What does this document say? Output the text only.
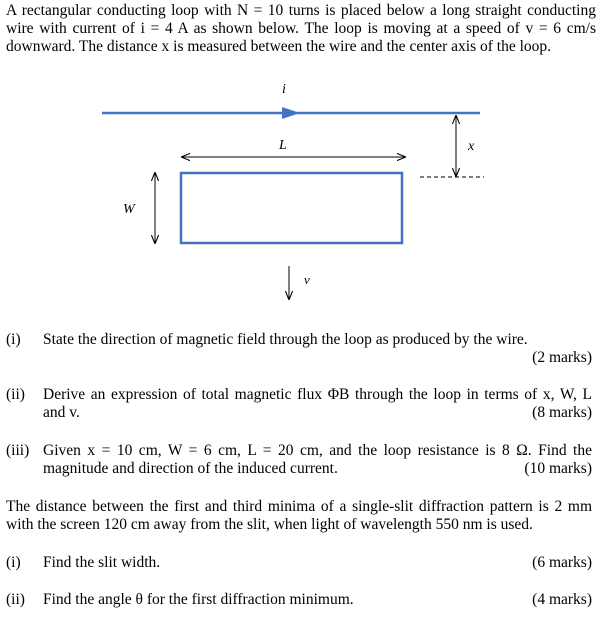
A rectangular conducting loop with N = 10 turns is placed below a long straight conducting
wire with current of i = 4 A as shown below. The loop is moving at a speed of v = 6 cm/s
downward. The distance x is measured between the wire and the center axis of the loop.
i
L	x
W
v
(i) State the direction of magnetic field through the loop as produced by the wire.
(2 marks)
(ii) Derive an expression of total magnetic flux ΦB through the loop in terms of x, W, L
and v.	(8 marks)
(iii) Given x = 10 cm, W = 6 cm, L = 20 cm, and the loop resistance is 8 Ω. Find the
magnitude and direction of the induced current.	(10 marks)
The distance between the first and third minima of a single-slit diffraction pattern is 2 mm
with the screen 120 cm away from the slit, when light of wavelength 550 nm is used.
(i) Find the slit width.	(6 marks)
(ii) Find the angle θ for the first diffraction minimum.	(4 marks)
